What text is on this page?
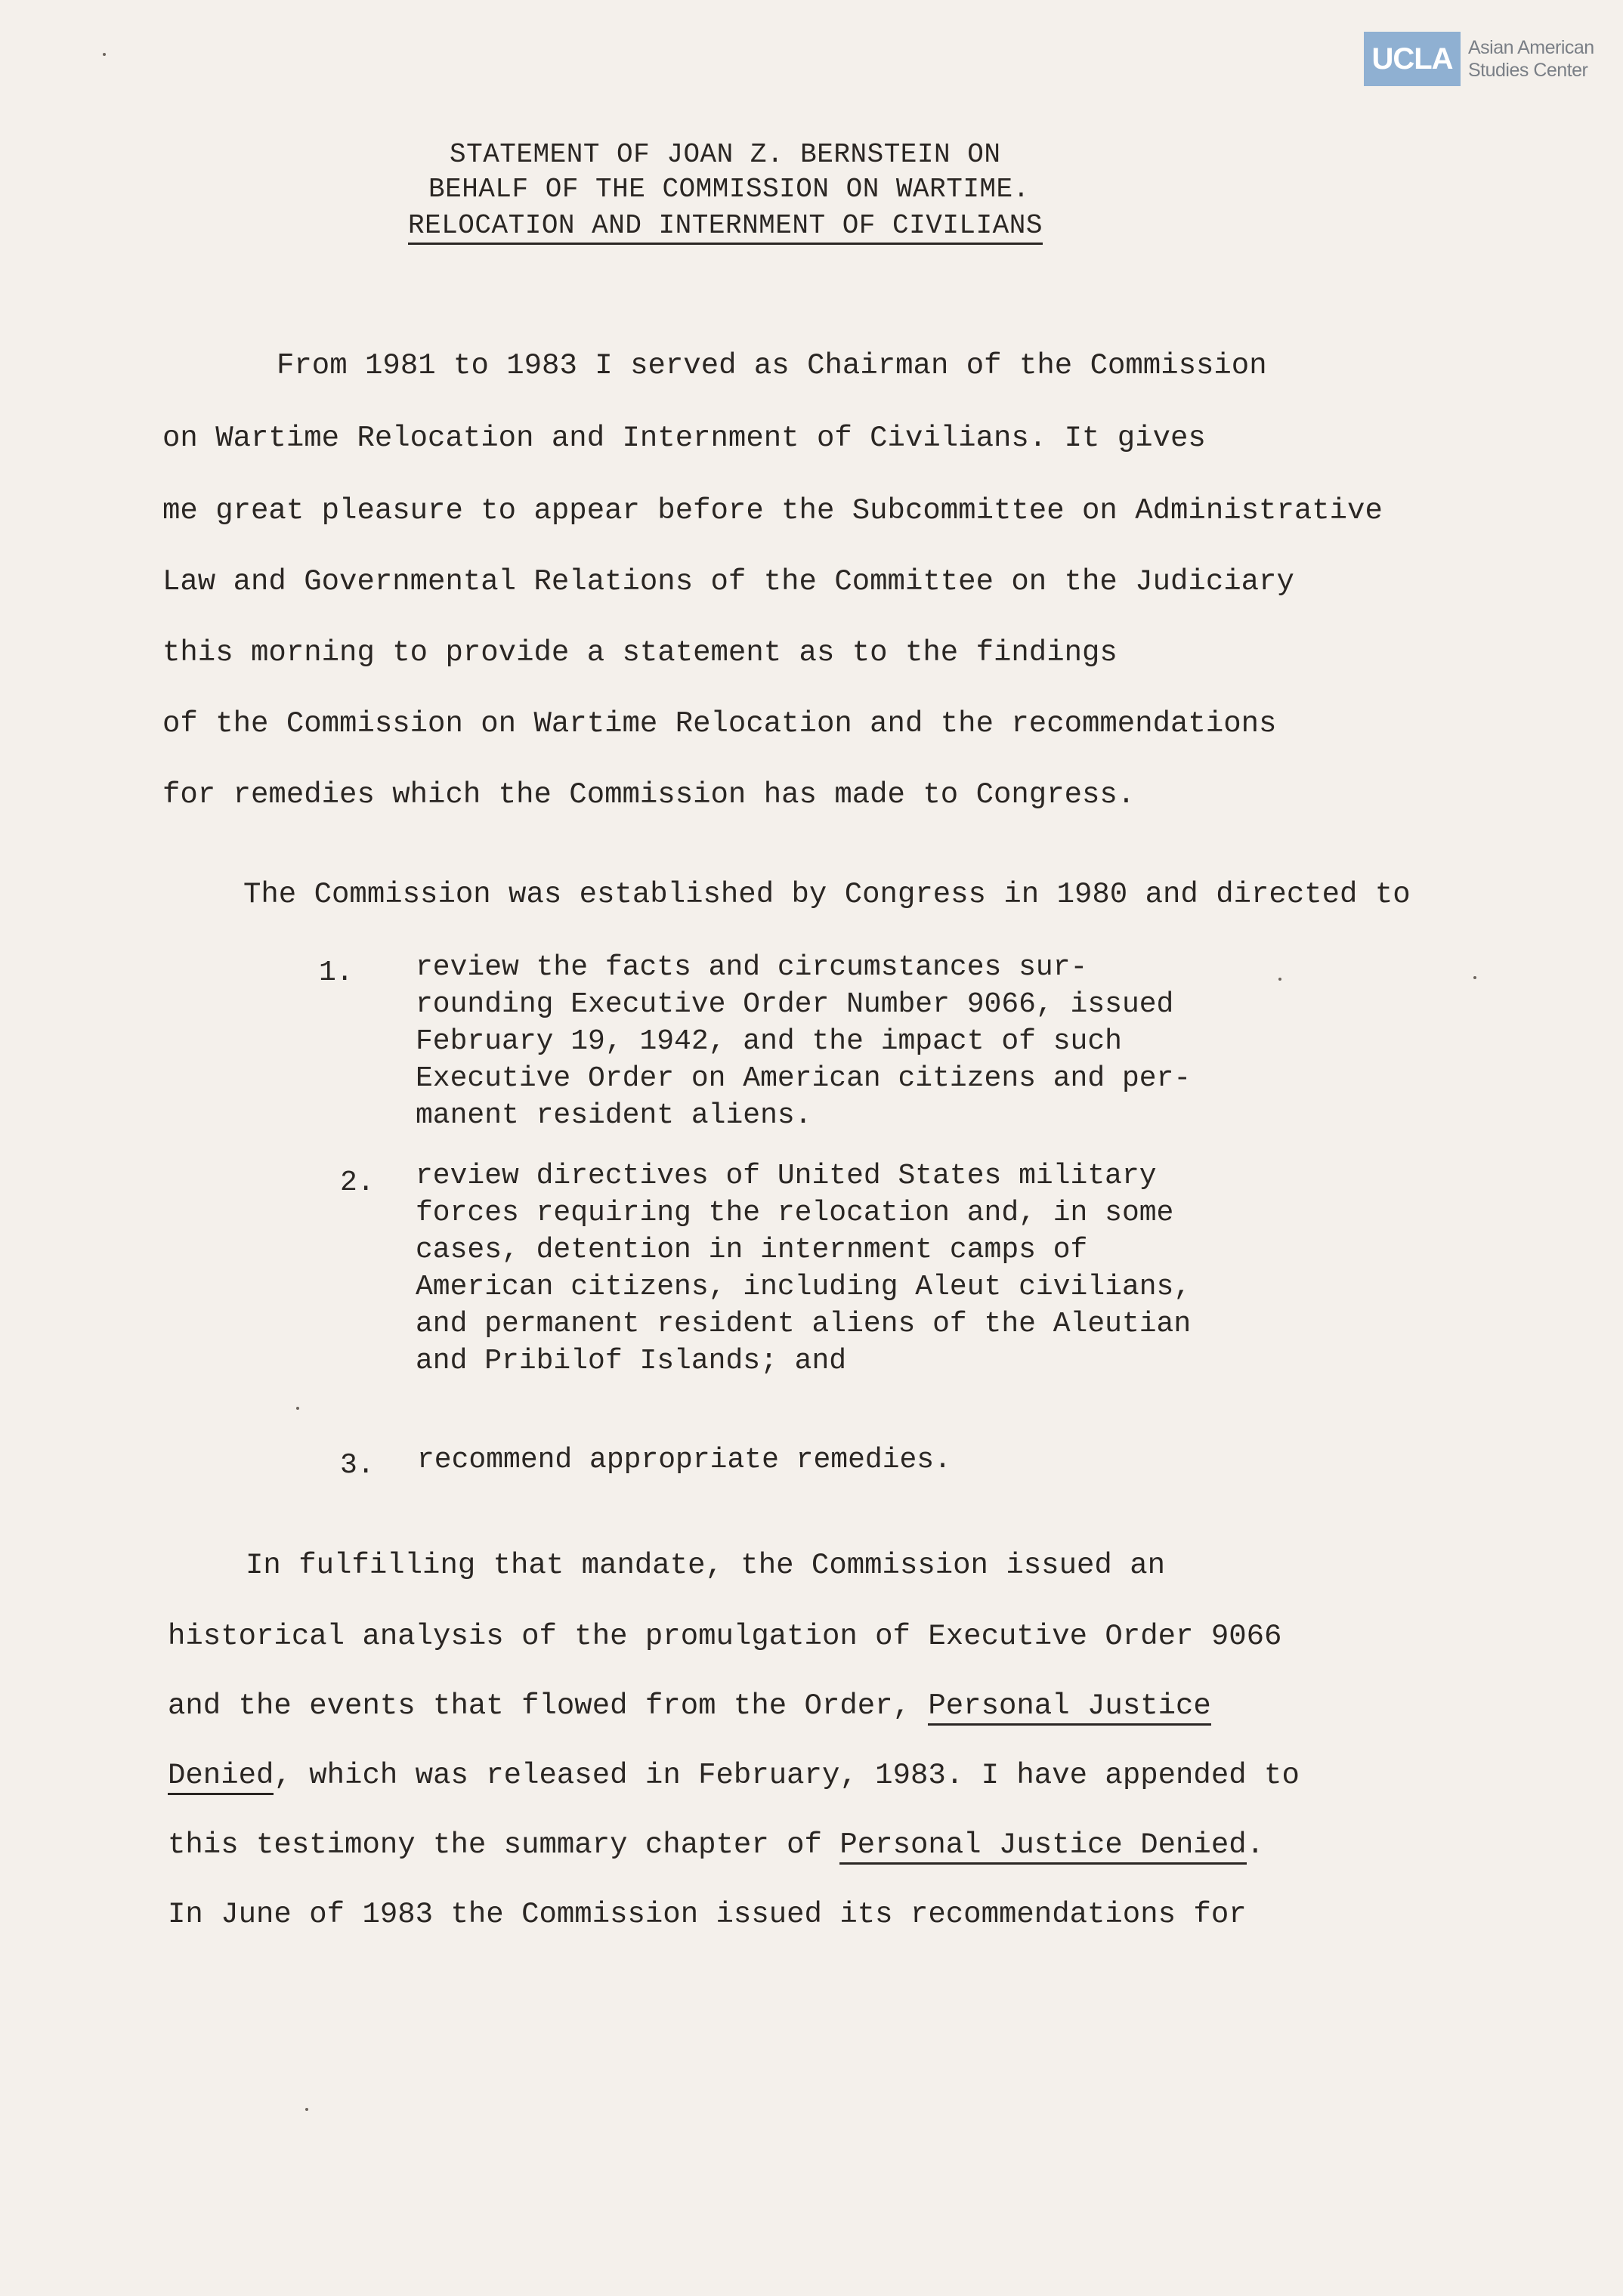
UCLA Asian American
Studies Center
STATEMENT OF JOAN Z. BERNSTEIN ON
BEHALF OF THE COMMISSION ON WARTIME.
RELOCATION AND INTERNMENT OF CIVILIANS
From 1981 to 1983 I served as Chairman of the Commission
on Wartime Relocation and Internment of Civilians. It gives
me great pleasure to appear before the Subcommittee on Administrative
Law and Governmental Relations of the Committee on the Judiciary
this morning to provide a statement as to the findings
of the Commission on Wartime Relocation and the recommendations
for remedies which the Commission has made to Congress.
The Commission was established by Congress in 1980 and directed to
1. review the facts and circumstances sur-
rounding Executive Order Number 9066, issued
February 19, 1942, and the impact of such
Executive Order on American citizens and per-
manent resident aliens.
2. review directives of United States military
forces requiring the relocation and, in some
cases, detention in internment camps of
American citizens, including Aleut civilians,
and permanent resident aliens of the Aleutian
and Pribilof Islands; and
3. recommend appropriate remedies.
In fulfilling that mandate, the Commission issued an
historical analysis of the promulgation of Executive Order 9066
and the events that flowed from the Order, Personal Justice
Denied, which was released in February, 1983. I have appended to
this testimony the summary chapter of Personal Justice Denied.
In June of 1983 the Commission issued its recommendations for
